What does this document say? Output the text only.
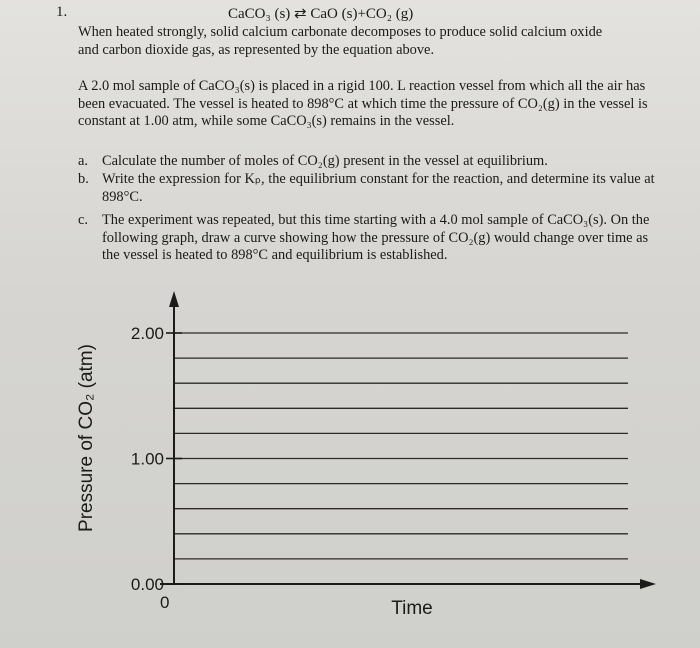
1.	CaCO₃ (s) ⇄ CaO (s)+CO₂ (g)

When heated strongly, solid calcium carbonate decomposes to produce solid calcium oxide and carbon dioxide gas, as represented by the equation above.

A 2.0 mol sample of CaCO₃(s) is placed in a rigid 100. L reaction vessel from which all the air has been evacuated. The vessel is heated to 898°C at which time the pressure of CO₂(g) in the vessel is constant at 1.00 atm, while some CaCO₃(s) remains in the vessel.

a. Calculate the number of moles of CO₂(g) present in the vessel at equilibrium.
b. Write the expression for Kₚ, the equilibrium constant for the reaction, and determine its value at 898°C.
c. The experiment was repeated, but this time starting with a 4.0 mol sample of CaCO₃(s). On the following graph, draw a curve showing how the pressure of CO₂(g) would change over time as the vessel is heated to 898°C and equilibrium is established.
0.00
1.00
2.00
0	Time
Pressure of CO₂ (atm)
